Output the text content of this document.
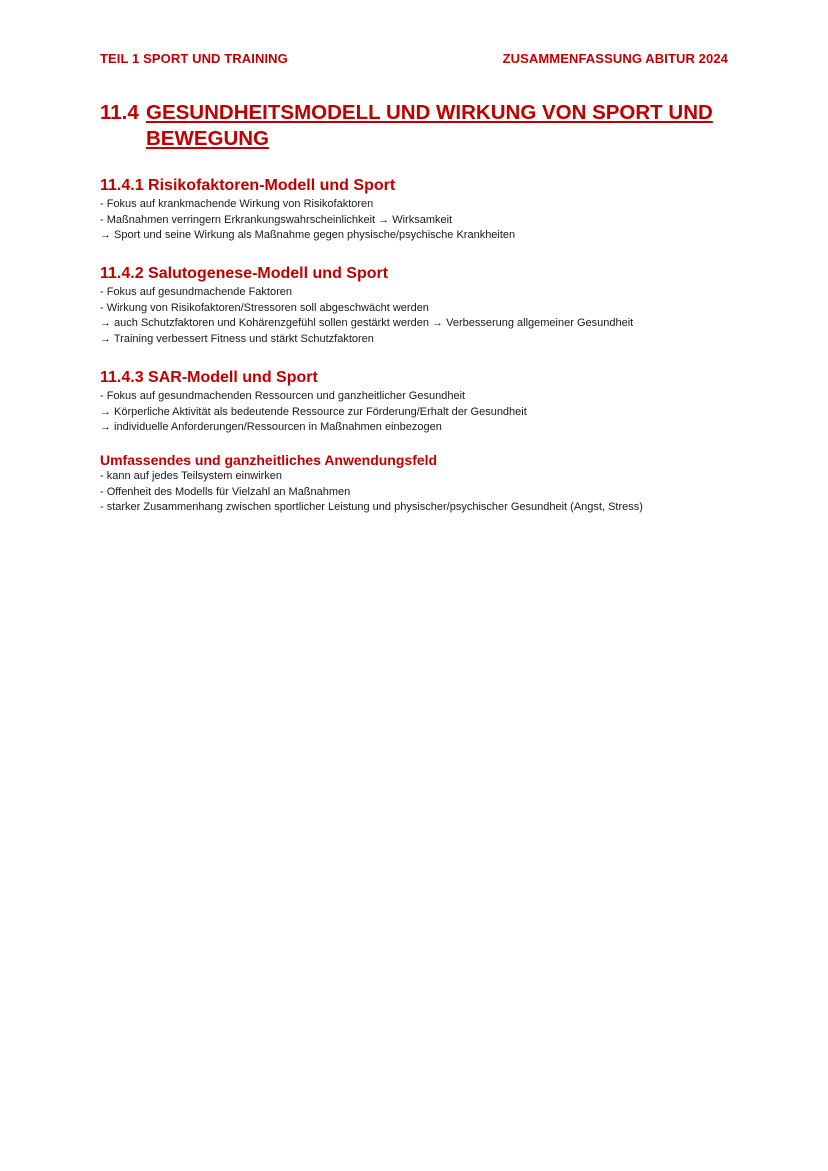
TEIL 1 SPORT UND TRAINING	ZUSAMMENFASSUNG ABITUR 2024
11.4 GESUNDHEITSMODELL UND WIRKUNG VON SPORT UND
BEWEGUNG
11.4.1 Risikofaktoren-Modell und Sport
- Fokus auf krankmachende Wirkung von Risikofaktoren
- Maßnahmen verringern Erkrankungswahrscheinlichkeit → Wirksamkeit
→ Sport und seine Wirkung als Maßnahme gegen physische/psychische Krankheiten
11.4.2 Salutogenese-Modell und Sport
- Fokus auf gesundmachende Faktoren
- Wirkung von Risikofaktoren/Stressoren soll abgeschwächt werden
→ auch Schutzfaktoren und Kohärenzgefühl sollen gestärkt werden → Verbesserung allgemeiner Gesundheit
→ Training verbessert Fitness und stärkt Schutzfaktoren
11.4.3 SAR-Modell und Sport
- Fokus auf gesundmachenden Ressourcen und ganzheitlicher Gesundheit
→ Körperliche Aktivität als bedeutende Ressource zur Förderung/Erhalt der Gesundheit
→ individuelle Anforderungen/Ressourcen in Maßnahmen einbezogen
Umfassendes und ganzheitliches Anwendungsfeld
- kann auf jedes Teilsystem einwirken
- Offenheit des Modells für Vielzahl an Maßnahmen
- starker Zusammenhang zwischen sportlicher Leistung und physischer/psychischer Gesundheit (Angst, Stress)
